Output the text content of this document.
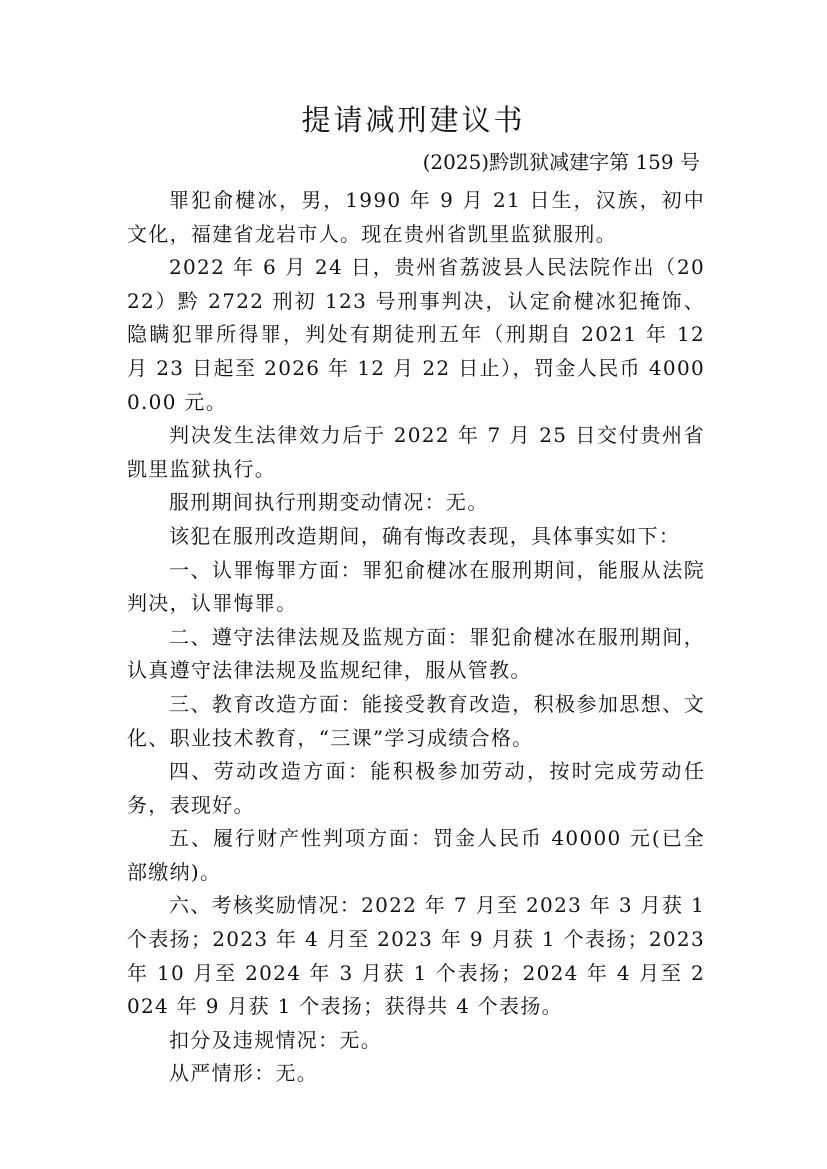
提请减刑建议书
(2025)黔凯狱减建字第 159 号

罪犯俞楗冰，男，1990 年 9 月 21 日生，汉族，初中文化，福建省龙岩市人。现在贵州省凯里监狱服刑。

2022 年 6 月 24 日，贵州省荔波县人民法院作出（2022）黔 2722 刑初 123 号刑事判决，认定俞楗冰犯掩饰、隐瞒犯罪所得罪，判处有期徒刑五年（刑期自 2021 年 12 月 23 日起至 2026 年 12 月 22 日止），罚金人民币 40000.00 元。

判决发生法律效力后于 2022 年 7 月 25 日交付贵州省凯里监狱执行。

服刑期间执行刑期变动情况：无。

该犯在服刑改造期间，确有悔改表现，具体事实如下：

一、认罪悔罪方面：罪犯俞楗冰在服刑期间，能服从法院判决，认罪悔罪。

二、遵守法律法规及监规方面：罪犯俞楗冰在服刑期间，认真遵守法律法规及监规纪律，服从管教。

三、教育改造方面：能接受教育改造，积极参加思想、文化、职业技术教育，“三课”学习成绩合格。

四、劳动改造方面：能积极参加劳动，按时完成劳动任务，表现好。

五、履行财产性判项方面：罚金人民币 40000 元(已全部缴纳)。

六、考核奖励情况：2022 年 7 月至 2023 年 3 月获 1 个表扬；2023 年 4 月至 2023 年 9 月获 1 个表扬；2023 年 10 月至 2024 年 3 月获 1 个表扬；2024 年 4 月至 2024 年 9 月获 1 个表扬；获得共 4 个表扬。

扣分及违规情况：无。

从严情形：无。
